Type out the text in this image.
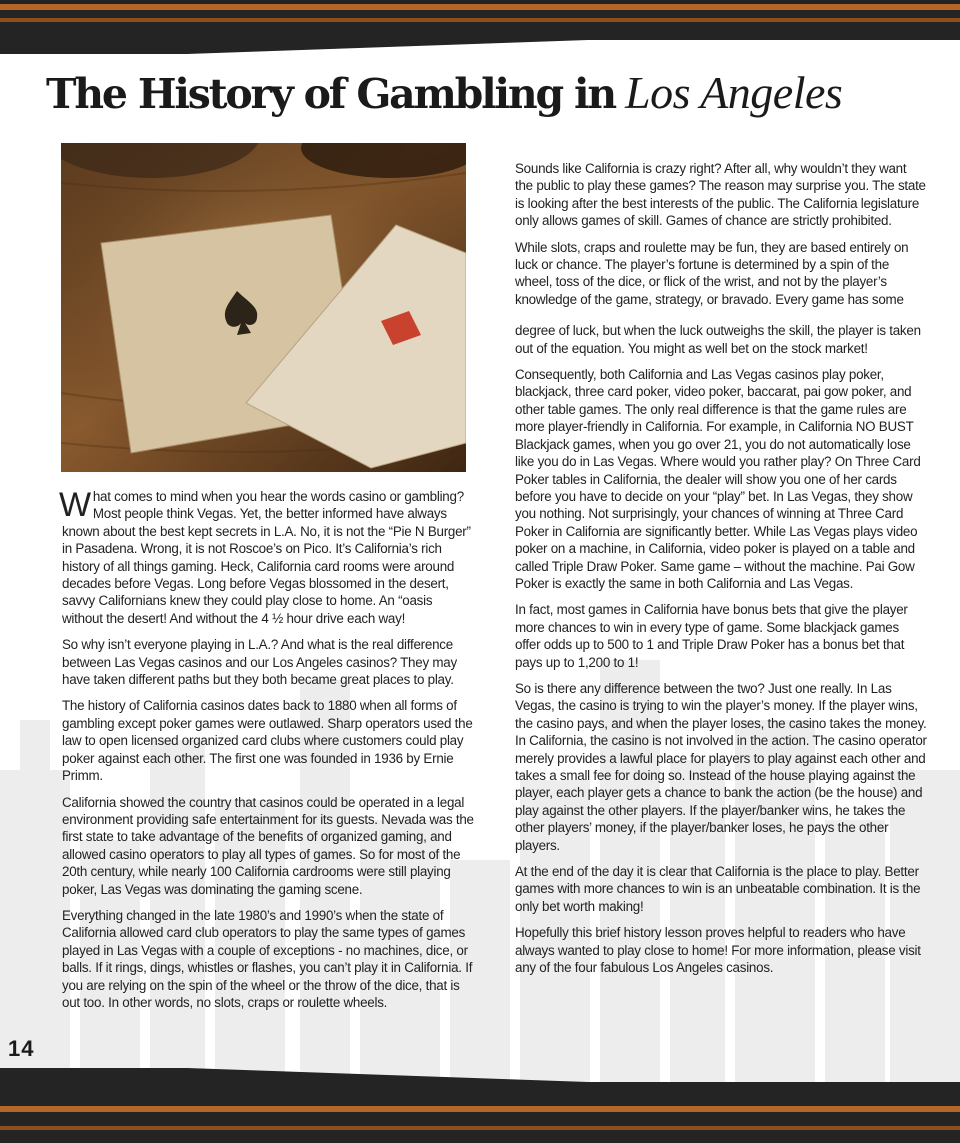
The History of Gambling in Los Angeles

What comes to mind when you hear the words casino or gambling? Most people think Vegas. Yet, the better informed have always known about the best kept secrets in L.A. No, it is not the “Pie N Burger” in Pasadena. Wrong, it is not Roscoe’s on Pico. It’s California’s rich history of all things gaming. Heck, California card rooms were around decades before Vegas. Long before Vegas blossomed in the desert, savvy Californians knew they could play close to home. An “oasis without the desert! And without the 4 ½ hour drive each way!

So why isn’t everyone playing in L.A.? And what is the real difference between Las Vegas casinos and our Los Angeles casinos? They may have taken different paths but they both became great places to play.

The history of California casinos dates back to 1880 when all forms of gambling except poker games were outlawed. Sharp operators used the law to open licensed organized card clubs where customers could play poker against each other. The first one was founded in 1936 by Ernie Primm.

California showed the country that casinos could be operated in a legal environment providing safe entertainment for its guests. Nevada was the first state to take advantage of the benefits of organized gaming, and allowed casino operators to play all types of games. So for most of the 20th century, while nearly 100 California cardrooms were still playing poker, Las Vegas was dominating the gaming scene.

Everything changed in the late 1980’s and 1990’s when the state of California allowed card club operators to play the same types of games played in Las Vegas with a couple of exceptions - no machines, dice, or balls. If it rings, dings, whistles or flashes, you can’t play it in California. If you are relying on the spin of the wheel or the throw of the dice, that is out too. In other words, no slots, craps or roulette wheels.

Sounds like California is crazy right? After all, why wouldn’t they want the public to play these games? The reason may surprise you. The state is looking after the best interests of the public. The California legislature only allows games of skill. Games of chance are strictly prohibited.

While slots, craps and roulette may be fun, they are based entirely on luck or chance. The player’s fortune is determined by a spin of the wheel, toss of the dice, or flick of the wrist, and not by the player’s knowledge of the game, strategy, or bravado. Every game has some

degree of luck, but when the luck outweighs the skill, the player is taken out of the equation. You might as well bet on the stock market!

Consequently, both California and Las Vegas casinos play poker, blackjack, three card poker, video poker, baccarat, pai gow poker, and other table games. The only real difference is that the game rules are more player-friendly in California. For example, in California NO BUST Blackjack games, when you go over 21, you do not automatically lose like you do in Las Vegas. Where would you rather play? On Three Card Poker tables in California, the dealer will show you one of her cards before you have to decide on your “play” bet. In Las Vegas, they show you nothing. Not surprisingly, your chances of winning at Three Card Poker in California are significantly better. While Las Vegas plays video poker on a machine, in California, video poker is played on a table and called Triple Draw Poker. Same game – without the machine. Pai Gow Poker is exactly the same in both California and Las Vegas.

In fact, most games in California have bonus bets that give the player more chances to win in every type of game. Some blackjack games offer odds up to 500 to 1 and Triple Draw Poker has a bonus bet that pays up to 1,200 to 1!

So is there any difference between the two? Just one really. In Las Vegas, the casino is trying to win the player’s money. If the player wins, the casino pays, and when the player loses, the casino takes the money. In California, the casino is not involved in the action. The casino operator merely provides a lawful place for players to play against each other and takes a small fee for doing so. Instead of the house playing against the player, each player gets a chance to bank the action (be the house) and play against the other players. If the player/banker wins, he takes the other players’ money, if the player/banker loses, he pays the other players.

At the end of the day it is clear that California is the place to play. Better games with more chances to win is an unbeatable combination. It is the only bet worth making!

Hopefully this brief history lesson proves helpful to readers who have always wanted to play close to home! For more information, please visit any of the four fabulous Los Angeles casinos.

14
